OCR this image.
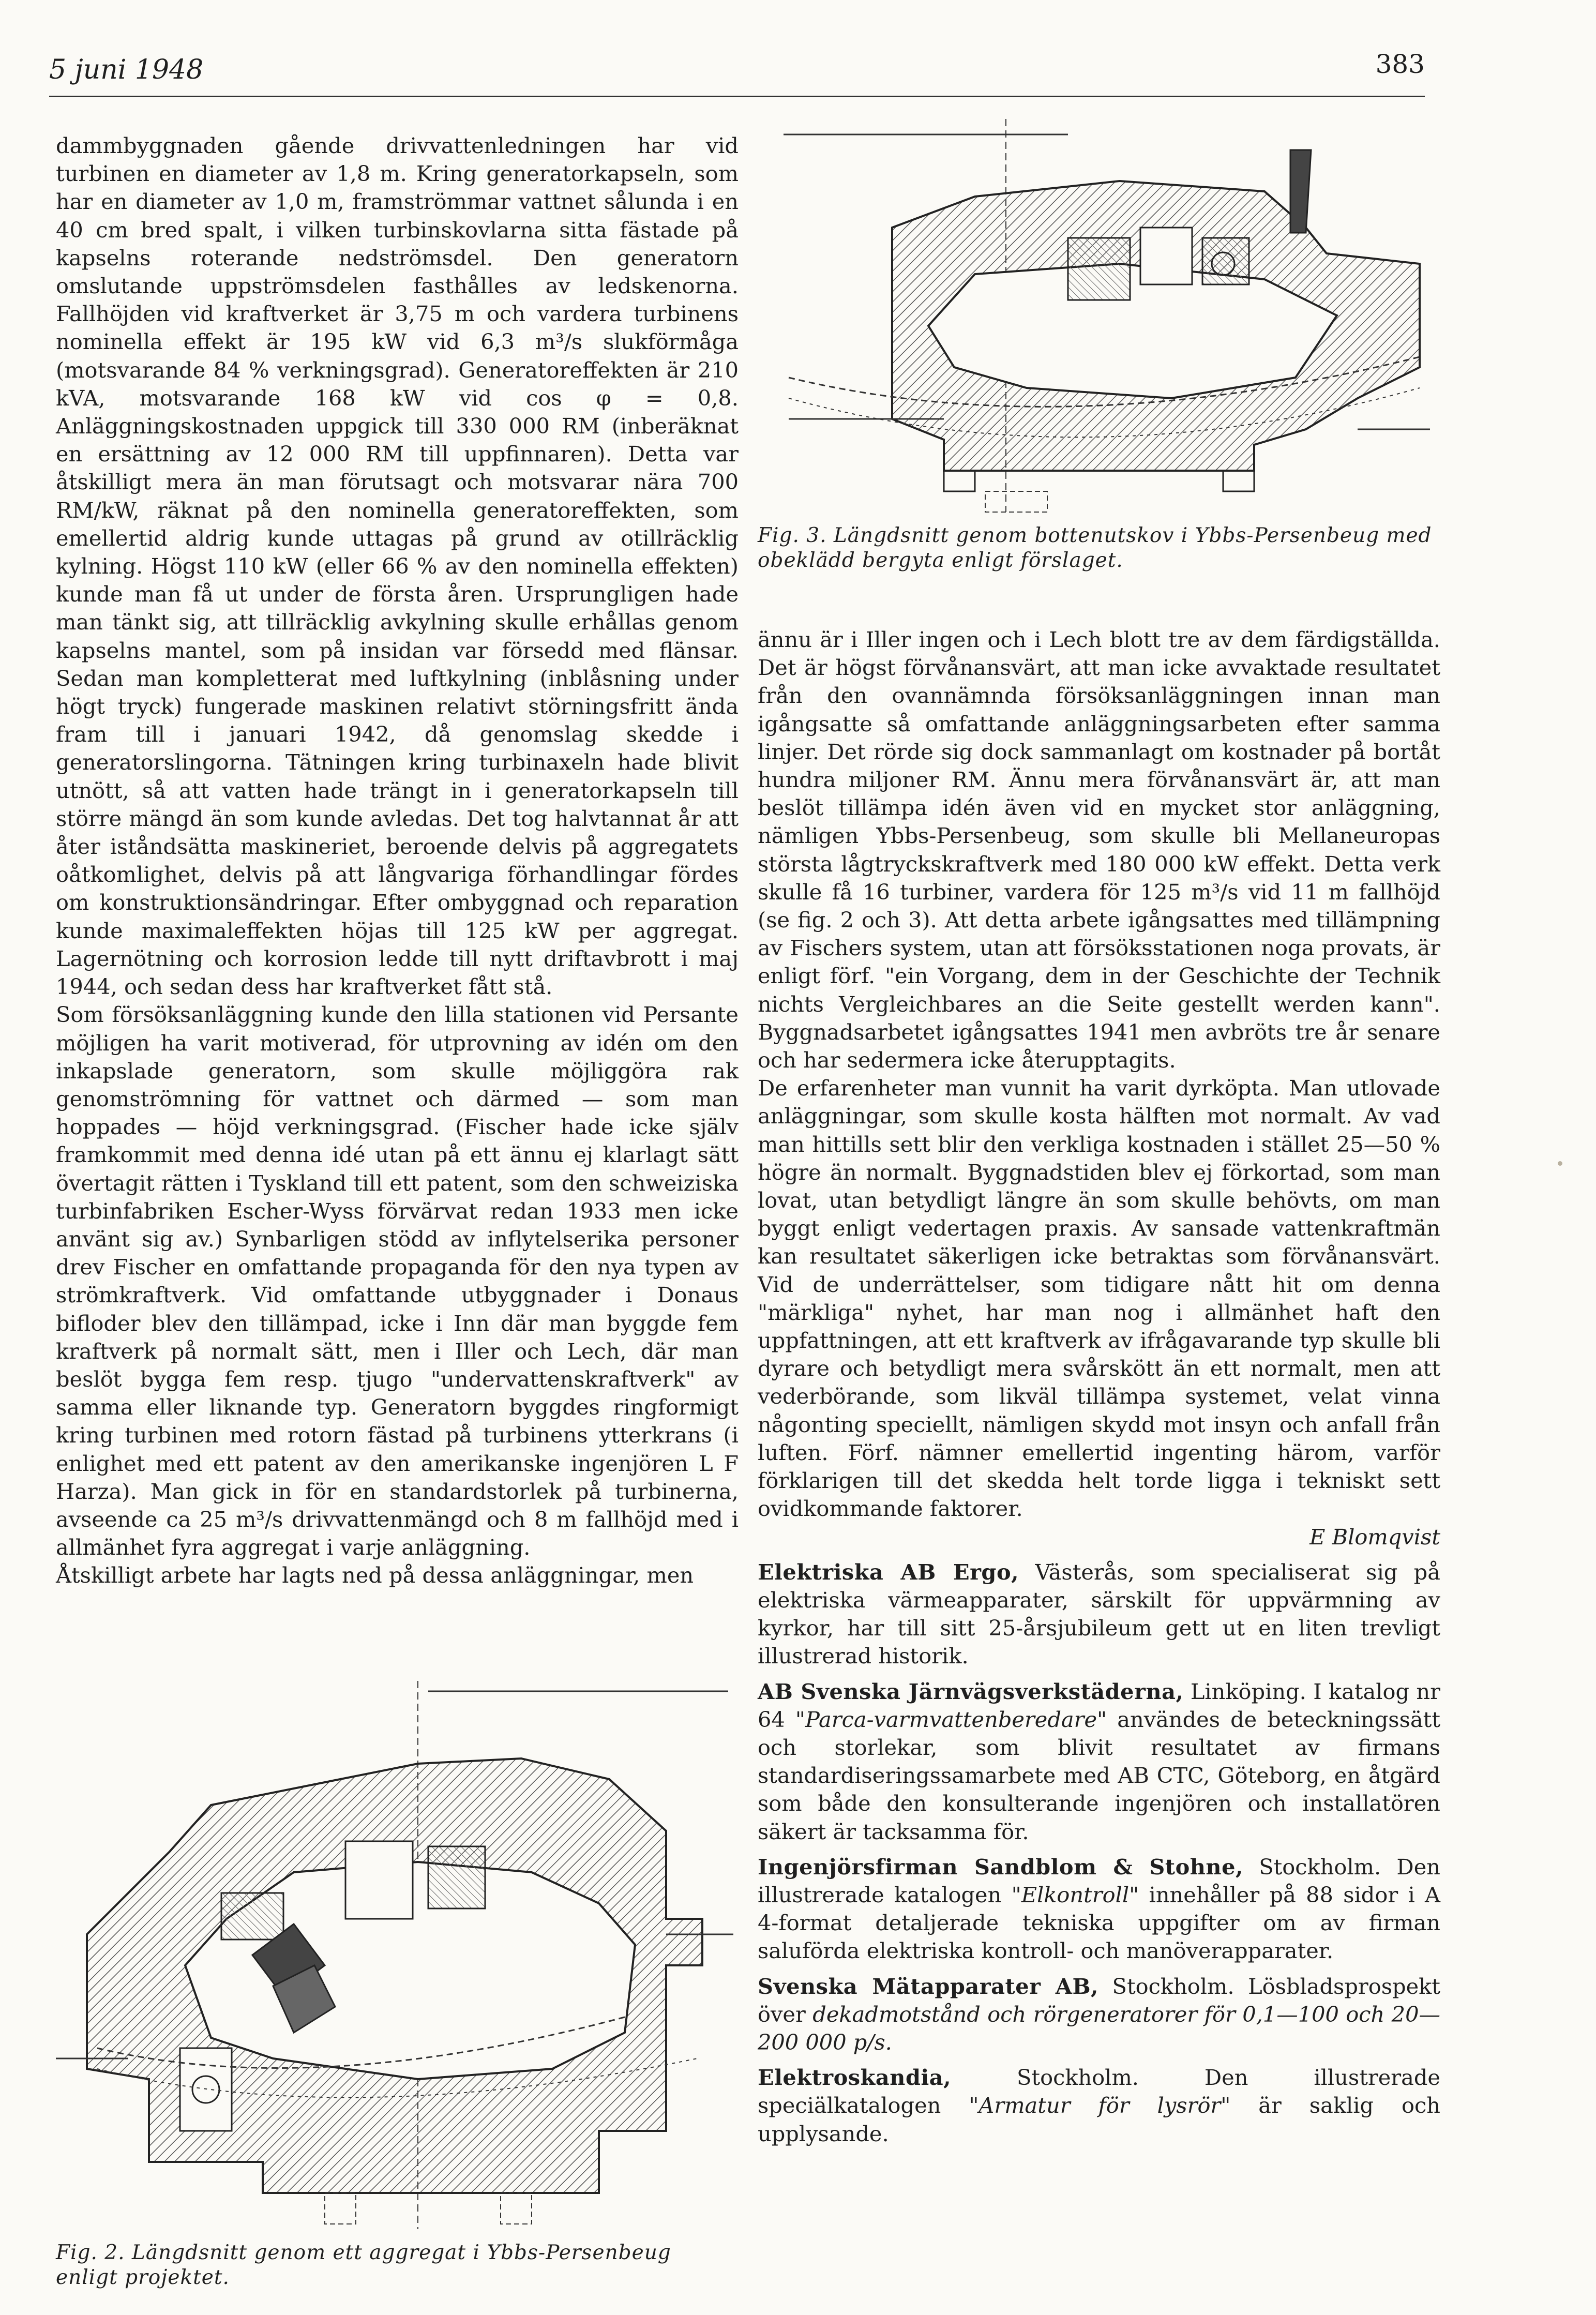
5 juni 1948	383

dammbyggnaden gående drivvattenledningen har vid turbinen en diameter av 1,8 m. Kring generatorkapseln, som har en diameter av 1,0 m, framströmmar vattnet sålunda i en 40 cm bred spalt, i vilken turbinskovlarna sitta fästade på kapselns roterande nedströmsdel. Den generatorn omslutande uppströmsdelen fasthålles av ledskenorna. Fallhöjden vid kraftverket är 3,75 m och vardera turbinens nominella effekt är 195 kW vid 6,3 m³/s slukförmåga (motsvarande 84 % verkningsgrad). Generatoreffekten är 210 kVA, motsvarande 168 kW vid cos φ = 0,8. Anläggningskostnaden uppgick till 330 000 RM (inberäknat en ersättning av 12 000 RM till uppfinnaren). Detta var åtskilligt mera än man förutsagt och motsvarar nära 700 RM/kW, räknat på den nominella generatoreffekten, som emellertid aldrig kunde uttagas på grund av otillräcklig kylning. Högst 110 kW (eller 66 % av den nominella effekten) kunde man få ut under de första åren. Ursprungligen hade man tänkt sig, att tillräcklig avkylning skulle erhållas genom kapselns mantel, som på insidan var försedd med flänsar. Sedan man kompletterat med luftkylning (inblåsning under högt tryck) fungerade maskinen relativt störningsfritt ända fram till i januari 1942, då genomslag skedde i generatorslingorna. Tätningen kring turbinaxeln hade blivit utnött, så att vatten hade trängt in i generatorkapseln till större mängd än som kunde avledas. Det tog halvtannat år att åter iståndsätta maskineriet, beroende delvis på aggregatets oåtkomlighet, delvis på att långvariga förhandlingar fördes om konstruktionsändringar. Efter ombyggnad och reparation kunde maximaleffekten höjas till 125 kW per aggregat. Lagernötning och korrosion ledde till nytt driftavbrott i maj 1944, och sedan dess har kraftverket fått stå.

Som försöksanläggning kunde den lilla stationen vid Persante möjligen ha varit motiverad, för utprovning av idén om den inkapslade generatorn, som skulle möjliggöra rak genomströmning för vattnet och därmed — som man hoppades — höjd verkningsgrad. (Fischer hade icke själv framkommit med denna idé utan på ett ännu ej klarlagt sätt övertagit rätten i Tyskland till ett patent, som den schweiziska turbinfabriken Escher-Wyss förvärvat redan 1933 men icke använt sig av.) Synbarligen stödd av inflytelserika personer drev Fischer en omfattande propaganda för den nya typen av strömkraftverk. Vid omfattande utbyggnader i Donaus bifloder blev den tillämpad, icke i Inn där man byggde fem kraftverk på normalt sätt, men i Iller och Lech, där man beslöt bygga fem resp. tjugo "undervattenskraftverk" av samma eller liknande typ. Generatorn byggdes ringformigt kring turbinen med rotorn fästad på turbinens ytterkrans (i enlighet med ett patent av den amerikanske ingenjören L F Harza). Man gick in för en standardstorlek på turbinerna, avseende ca 25 m³/s drivvattenmängd och 8 m fallhöjd med i allmänhet fyra aggregat i varje anläggning.

Åtskilligt arbete har lagts ned på dessa anläggningar, men

Fig. 2. Längdsnitt genom ett aggregat i Ybbs-Persenbeug enligt projektet.
Fig. 3. Längdsnitt genom bottenutskov i Ybbs-Persenbeug med obeklädd bergyta enligt förslaget.

ännu är i Iller ingen och i Lech blott tre av dem färdigställda. Det är högst förvånansvärt, att man icke avvaktade resultatet från den ovannämnda försöksanläggningen innan man igångsatte så omfattande anläggningsarbeten efter samma linjer. Det rörde sig dock sammanlagt om kostnader på bortåt hundra miljoner RM. Ännu mera förvånansvärt är, att man beslöt tillämpa idén även vid en mycket stor anläggning, nämligen Ybbs-Persenbeug, som skulle bli Mellaneuropas största lågtryckskraftverk med 180 000 kW effekt. Detta verk skulle få 16 turbiner, vardera för 125 m³/s vid 11 m fallhöjd (se fig. 2 och 3). Att detta arbete igångsattes med tillämpning av Fischers system, utan att försöksstationen noga provats, är enligt förf. "ein Vorgang, dem in der Geschichte der Technik nichts Vergleichbares an die Seite gestellt werden kann". Byggnadsarbetet igångsattes 1941 men avbröts tre år senare och har sedermera icke återupptagits.

De erfarenheter man vunnit ha varit dyrköpta. Man utlovade anläggningar, som skulle kosta hälften mot normalt. Av vad man hittills sett blir den verkliga kostnaden i stället 25—50 % högre än normalt. Byggnadstiden blev ej förkortad, som man lovat, utan betydligt längre än som skulle behövts, om man byggt enligt vedertagen praxis. Av sansade vattenkraftmän kan resultatet säkerligen icke betraktas som förvånansvärt. Vid de underrättelser, som tidigare nått hit om denna "märkliga" nyhet, har man nog i allmänhet haft den uppfattningen, att ett kraftverk av ifrågavarande typ skulle bli dyrare och betydligt mera svårskött än ett normalt, men att vederbörande, som likväl tillämpa systemet, velat vinna någonting speciellt, nämligen skydd mot insyn och anfall från luften. Förf. nämner emellertid ingenting härom, varför förklarigen till det skedda helt torde ligga i tekniskt sett ovidkommande faktorer.

E Blomqvist

Elektriska AB Ergo, Västerås, som specialiserat sig på elektriska värmeapparater, särskilt för uppvärmning av kyrkor, har till sitt 25-årsjubileum gett ut en liten trevligt illustrerad historik.

AB Svenska Järnvägsverkstäderna, Linköping. I katalog nr 64 "Parca-varmvattenberedare" användes de beteckningssätt och storlekar, som blivit resultatet av firmans standardiseringssamarbete med AB CTC, Göteborg, en åtgärd som både den konsulterande ingenjören och installatören säkert är tacksamma för.

Ingenjörsfirman Sandblom & Stohne, Stockholm. Den illustrerade katalogen "Elkontroll" innehåller på 88 sidor i A 4-format detaljerade tekniska uppgifter om av firman saluförda elektriska kontroll- och manöverapparater.

Svenska Mätapparater AB, Stockholm. Lösbladsprospekt över dekadmotstånd och rörgeneratorer för 0,1—100 och 20—200 000 p/s.

Elektroskandia, Stockholm. Den illustrerade speciälkatalogen "Armatur för lysrör" är saklig och upplysande.
